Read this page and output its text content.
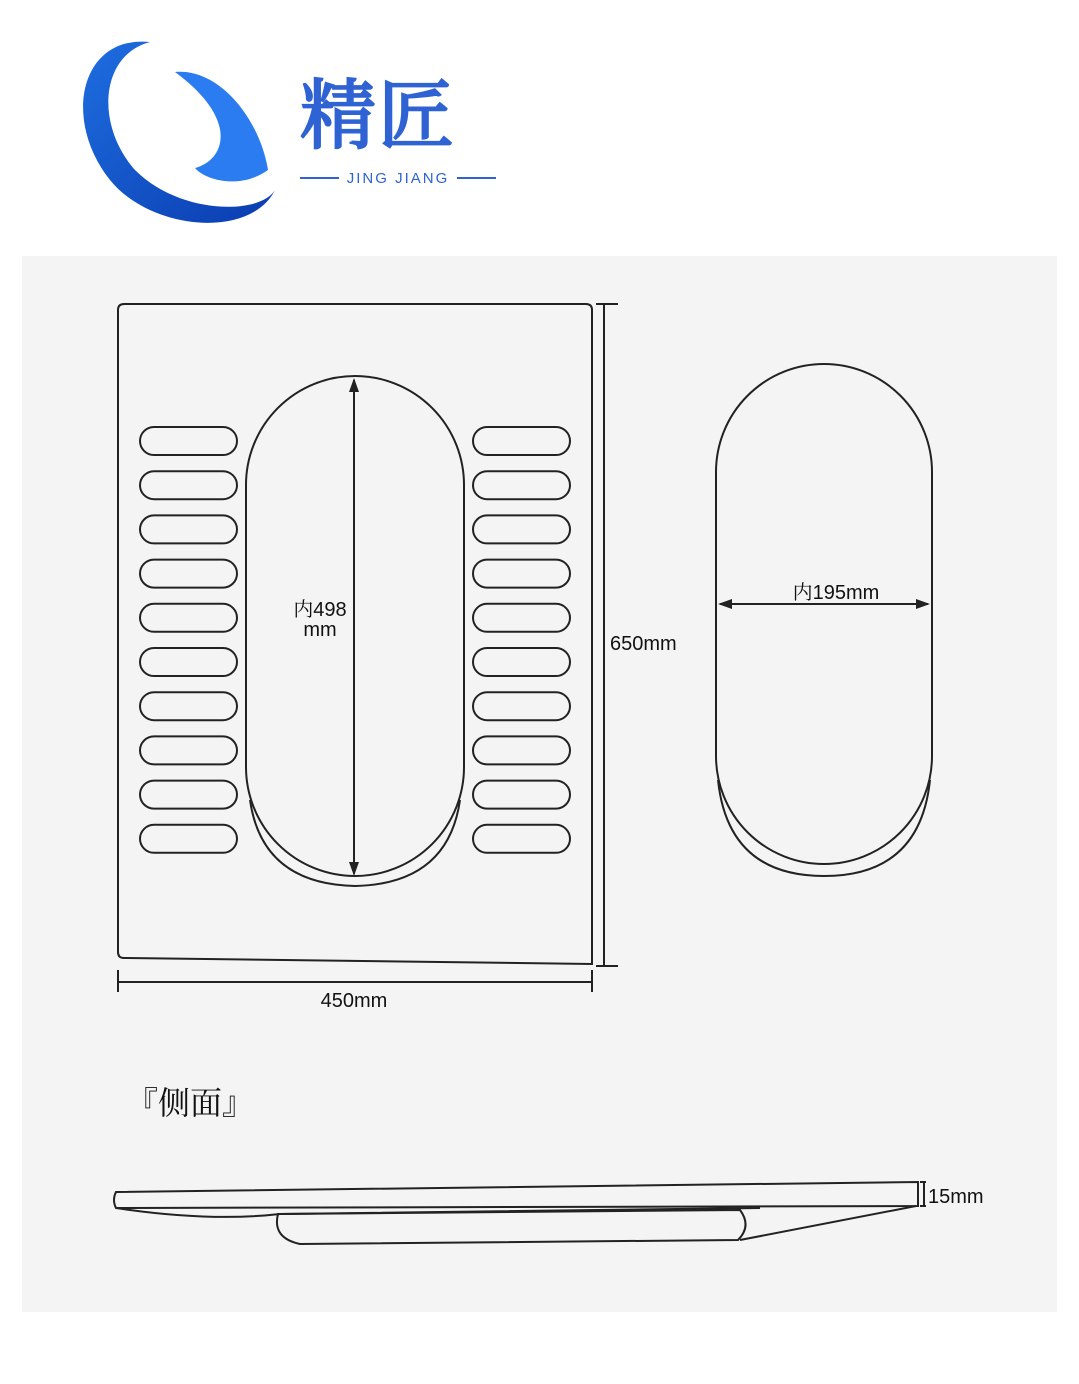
精匠
JING JIANG
内498
mm
650mm
450mm
内195mm
15mm
『侧面』
